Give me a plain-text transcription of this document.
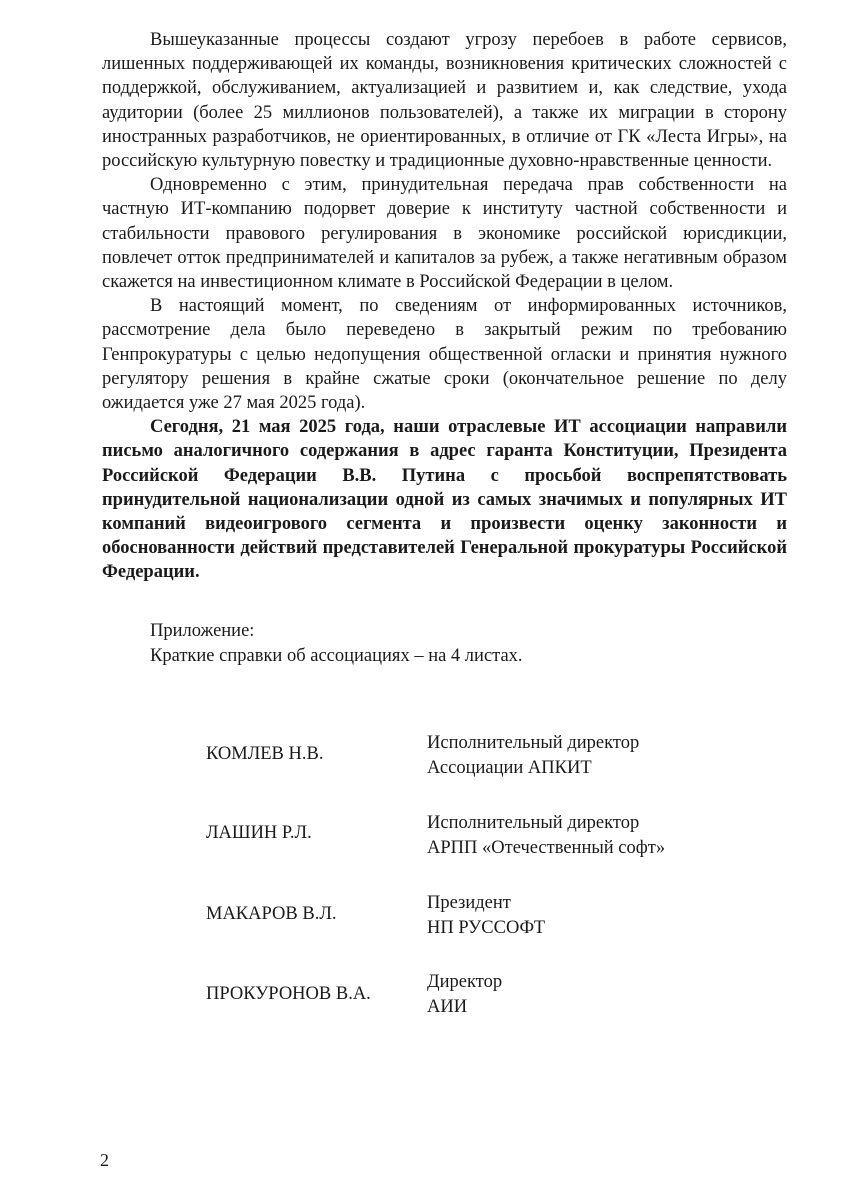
Вышеуказанные процессы создают угрозу перебоев в работе сервисов, лишенных поддерживающей их команды, возникновения критических сложностей с поддержкой, обслуживанием, актуализацией и развитием и, как следствие, ухода аудитории (более 25 миллионов пользователей), а также их миграции в сторону иностранных разработчиков, не ориентированных, в отличие от ГК «Леста Игры», на российскую культурную повестку и традиционные духовно-нравственные ценности.

Одновременно с этим, принудительная передача прав собственности на частную ИТ-компанию подорвет доверие к институту частной собственности и стабильности правового регулирования в экономике российской юрисдикции, повлечет отток предпринимателей и капиталов за рубеж, а также негативным образом скажется на инвестиционном климате в Российской Федерации в целом.

В настоящий момент, по сведениям от информированных источников, рассмотрение дела было переведено в закрытый режим по требованию Генпрокуратуры с целью недопущения общественной огласки и принятия нужного регулятору решения в крайне сжатые сроки (окончательное решение по делу ожидается уже 27 мая 2025 года).

Сегодня, 21 мая 2025 года, наши отраслевые ИТ ассоциации направили письмо аналогичного содержания в адрес гаранта Конституции, Президента Российской Федерации В.В. Путина с просьбой воспрепятствовать принудительной национализации одной из самых значимых и популярных ИТ компаний видеоигрового сегмента и произвести оценку законности и обоснованности действий представителей Генеральной прокуратуры Российской Федерации.

Приложение:
Краткие справки об ассоциациях – на 4 листах.
КОМЛЕВ Н.В.
Исполнительный директор
Ассоциации АПКИТ
ЛАШИН Р.Л.	Исполнительный директор
АРПП «Отечественный софт»
МАКАРОВ В.Л.
Президент
НП РУССОФТ
ПРОКУРОНОВ В.А.
Директор
АИИ
2
